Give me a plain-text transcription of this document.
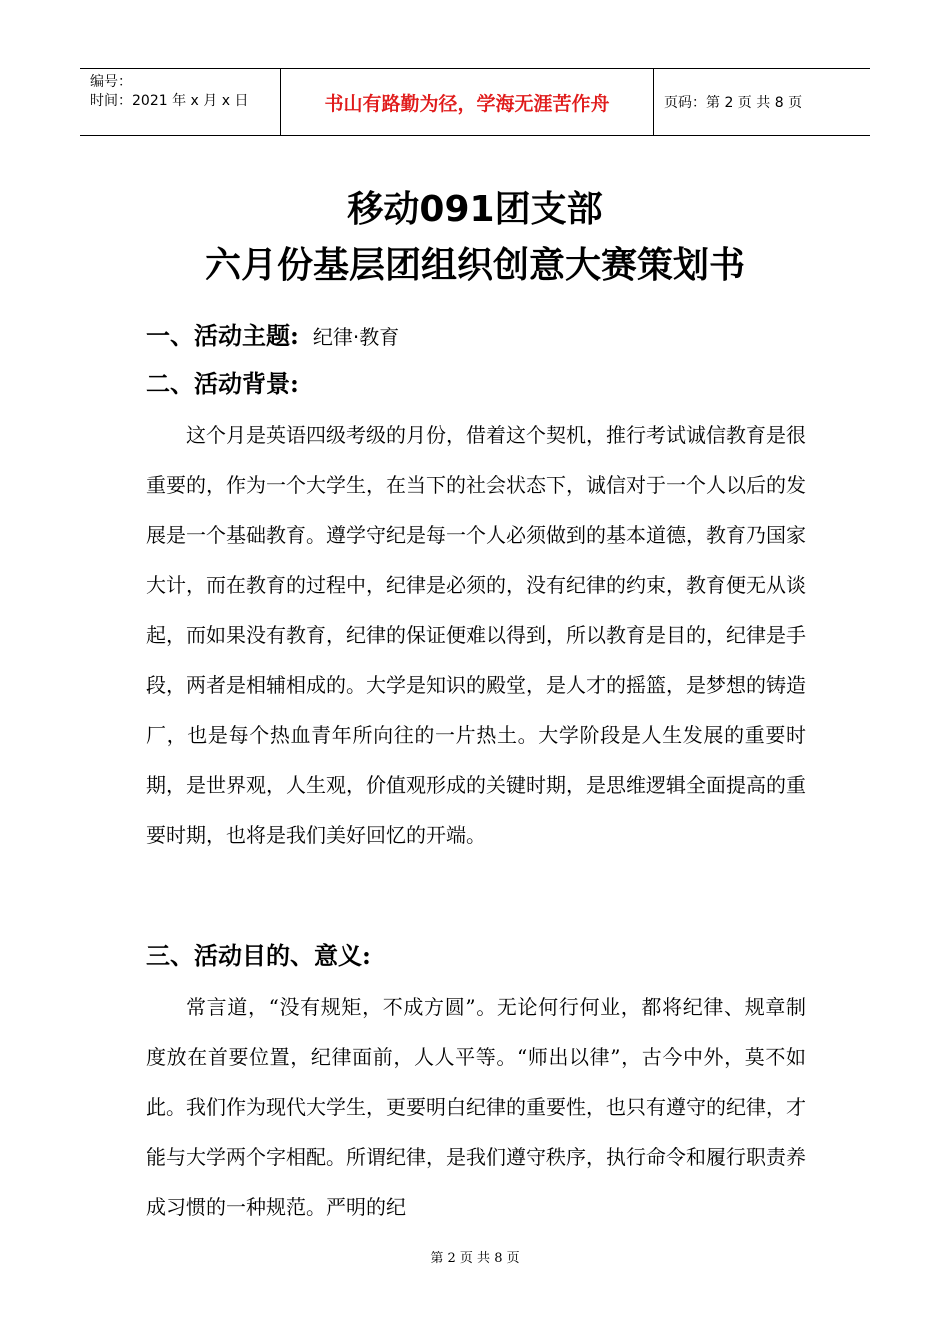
编号：
时间：2021 年 x 月 x 日	书山有路勤为径，学海无涯苦作舟	页码：第 2 页 共 8 页
移动091团支部
六月份基层团组织创意大赛策划书
一、活动主题: 纪律·教育
二、活动背景:

这个月是英语四级考级的月份，借着这个契机，推行考试诚信教育是很重要的，作为一个大学生，在当下的社会状态下，诚信对于一个人以后的发展是一个基础教育。遵学守纪是每一个人必须做到的基本道德，教育乃国家大计，而在教育的过程中，纪律是必须的，没有纪律的约束，教育便无从谈起，而如果没有教育，纪律的保证便难以得到，所以教育是目的，纪律是手段，两者是相辅相成的。大学是知识的殿堂，是人才的摇篮，是梦想的铸造厂，也是每个热血青年所向往的一片热土。大学阶段是人生发展的重要时期，是世界观，人生观，价值观形成的关键时期，是思维逻辑全面提高的重要时期，也将是我们美好回忆的开端。

三、活动目的、意义:

常言道，“没有规矩，不成方圆”。无论何行何业，都将纪律、规章制度放在首要位置，纪律面前，人人平等。“师出以律”，古今中外，莫不如此。我们作为现代大学生，更要明白纪律的重要性，也只有遵守的纪律，才能与大学两个字相配。所谓纪律，是我们遵守秩序，执行命令和履行职责养成习惯的一种规范。严明的纪

第 2 页 共 8 页
